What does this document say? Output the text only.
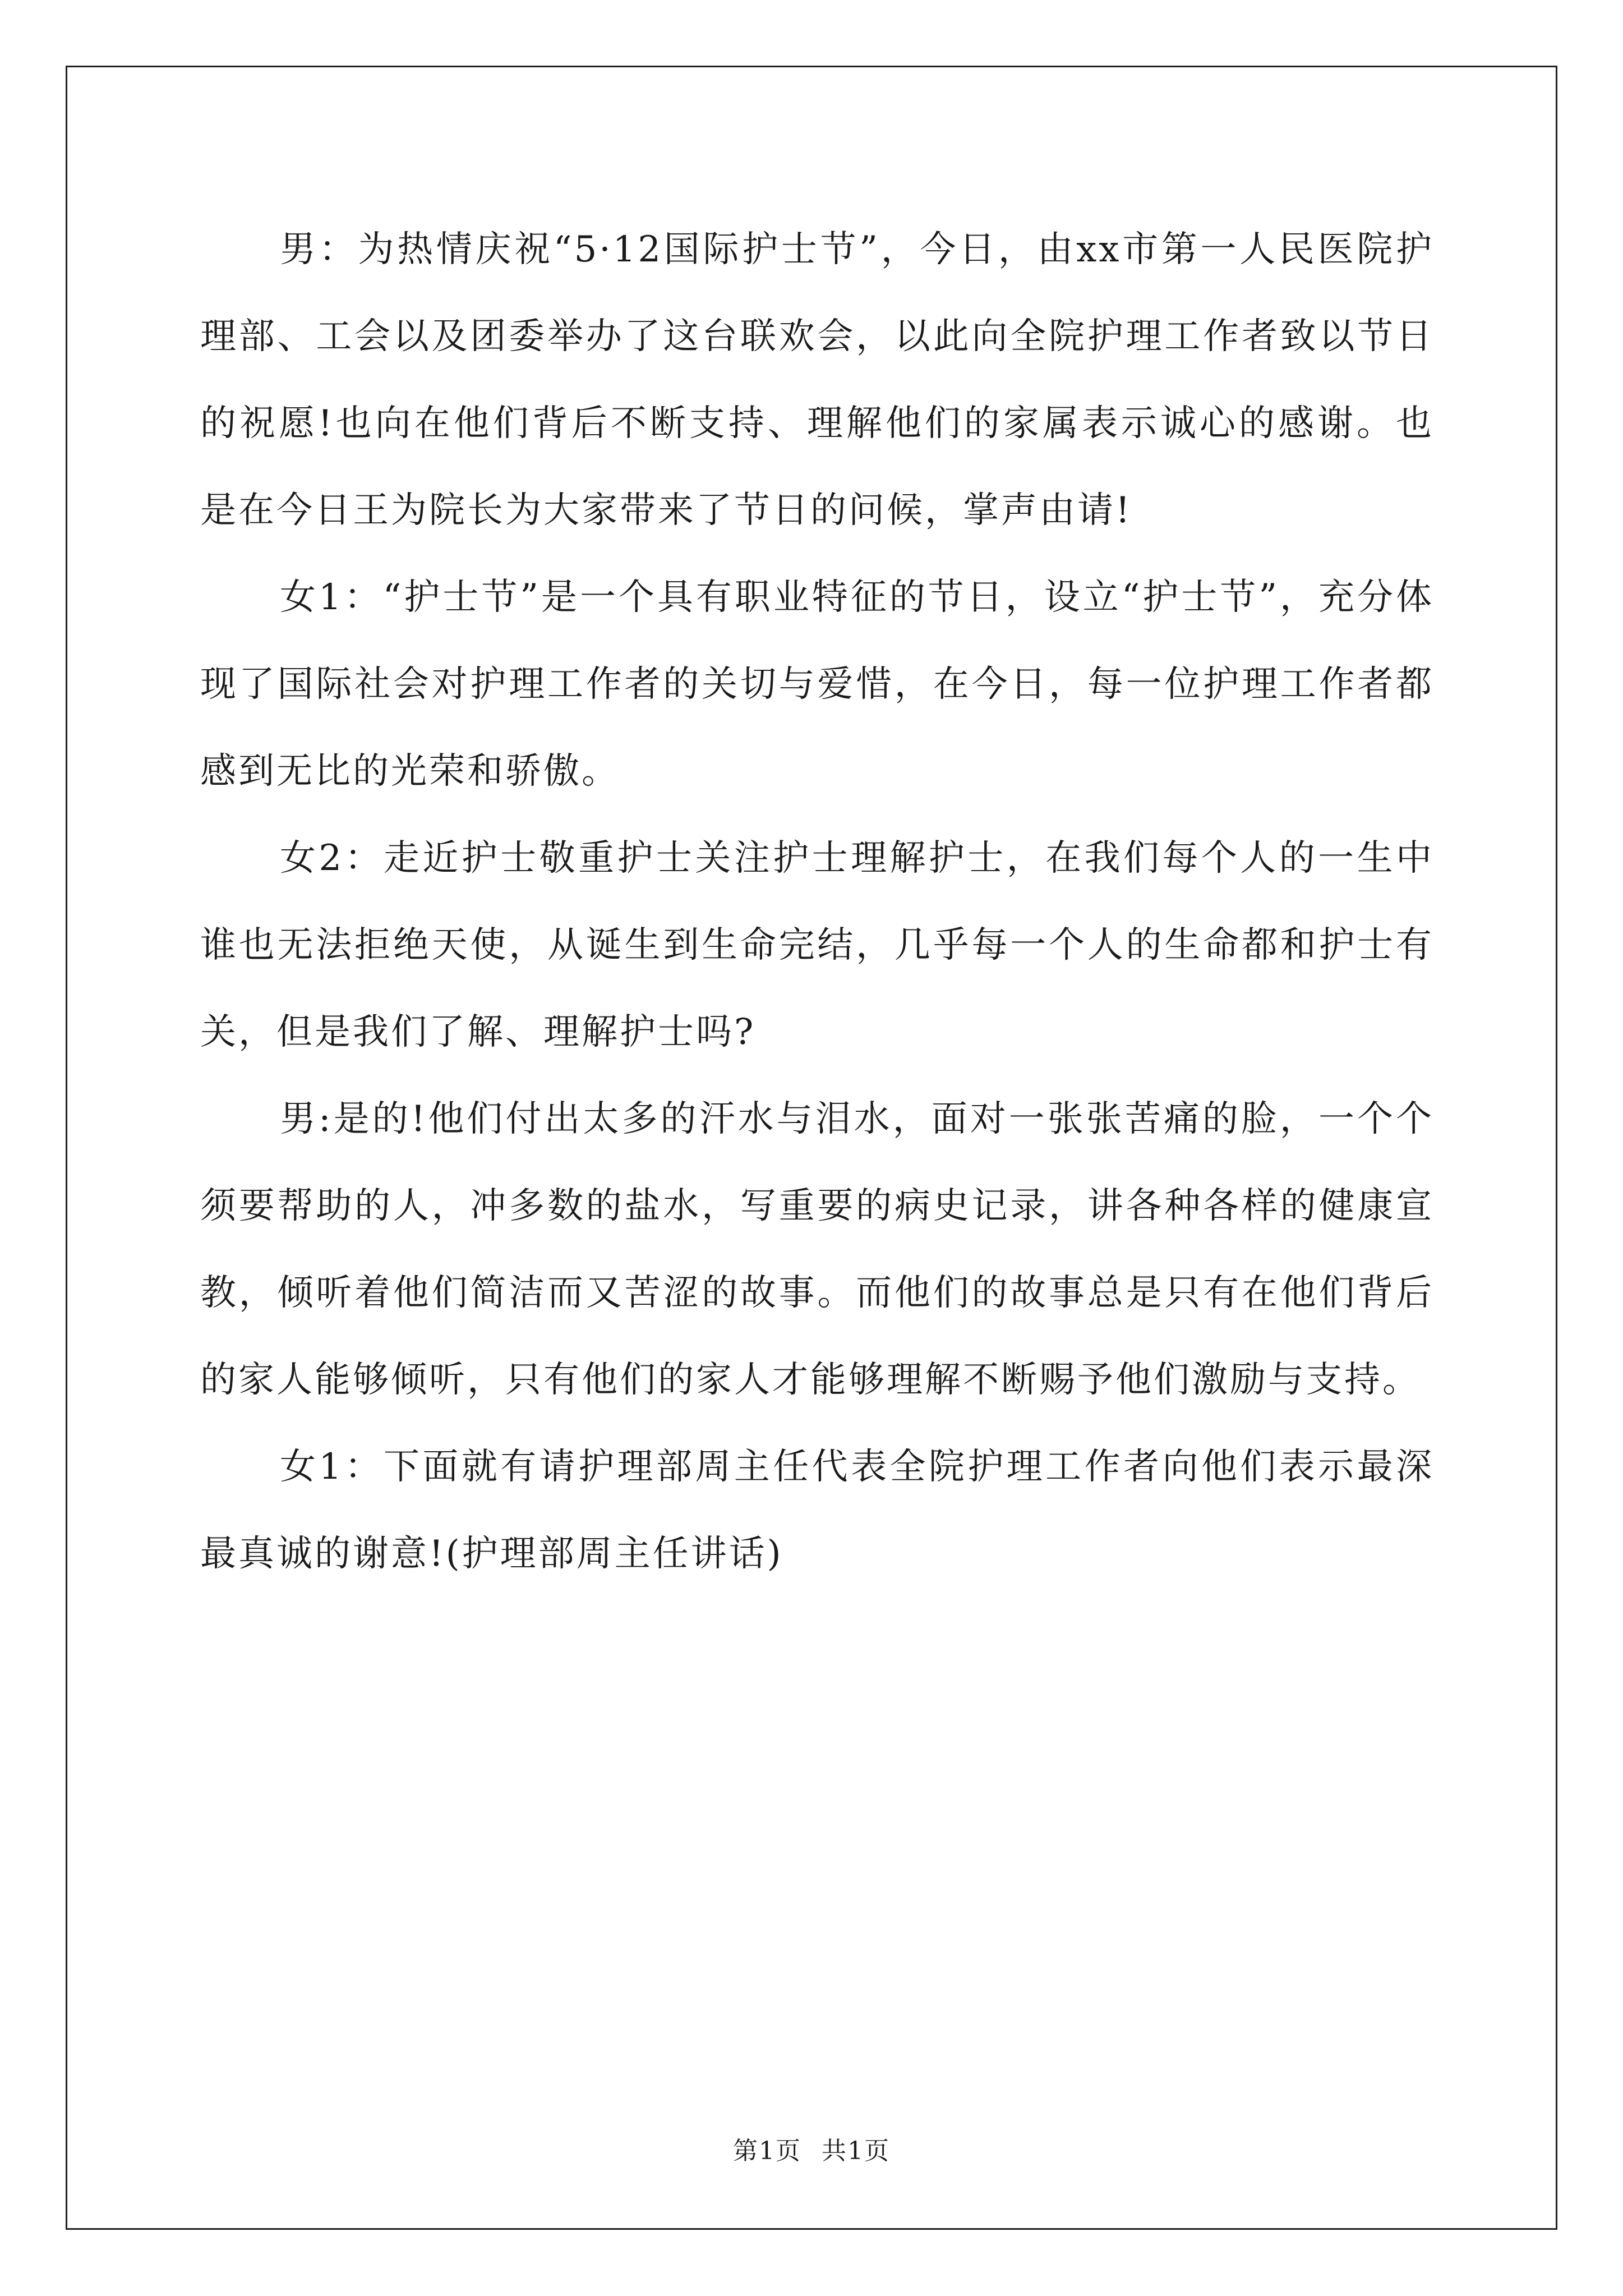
男：为热情庆祝“5·12国际护士节”，今日，由xx市第一人民医院护理部、工会以及团委举办了这台联欢会，以此向全院护理工作者致以节日的祝愿!也向在他们背后不断支持、理解他们的家属表示诚心的感谢。也是在今日王为院长为大家带来了节日的问候，掌声由请!

女1：“护士节”是一个具有职业特征的节日，设立“护士节”，充分体现了国际社会对护理工作者的关切与爱惜，在今日，每一位护理工作者都感到无比的光荣和骄傲。

女2：走近护士敬重护士关注护士理解护士，在我们每个人的一生中谁也无法拒绝天使，从诞生到生命完结，几乎每一个人的生命都和护士有关，但是我们了解、理解护士吗?

男:是的!他们付出太多的汗水与泪水，面对一张张苦痛的脸，一个个须要帮助的人，冲多数的盐水，写重要的病史记录，讲各种各样的健康宣教，倾听着他们简洁而又苦涩的故事。而他们的故事总是只有在他们背后的家人能够倾听，只有他们的家人才能够理解不断赐予他们激励与支持。

女1：下面就有请护理部周主任代表全院护理工作者向他们表示最深最真诚的谢意!(护理部周主任讲话)

第1页 共1页
